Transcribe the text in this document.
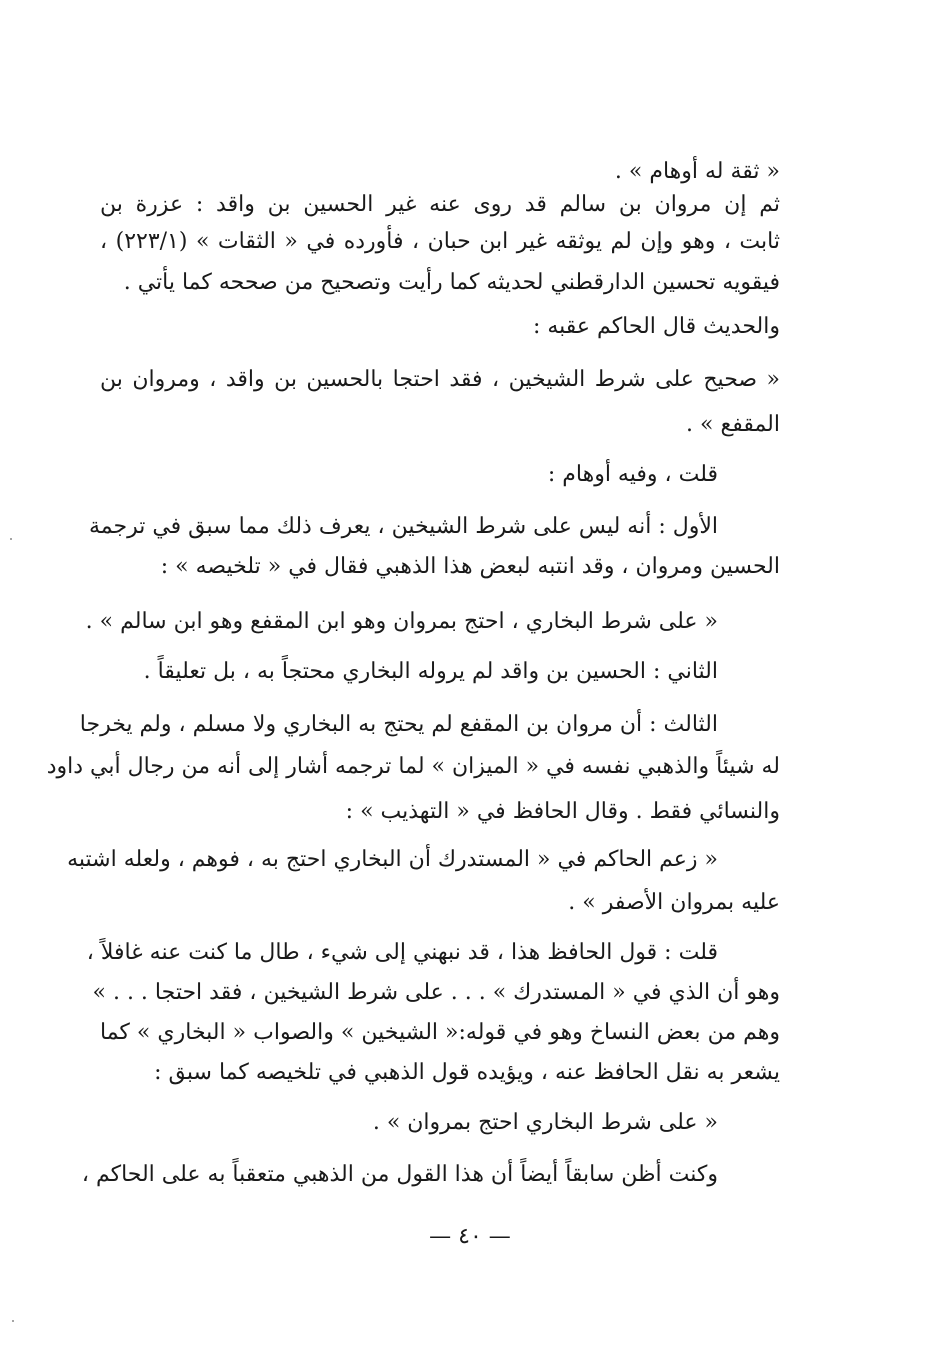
« ثقة له أوهام » .
ثم إن مروان بن سالم قد روى عنه غير الحسين بن واقد : عزرة بن
ثابت ، وهو وإن لم يوثقه غير ابن حبان ، فأورده في « الثقات » (٢٢٣/١) ،
فيقويه تحسين الدارقطني لحديثه كما رأيت وتصحيح من صححه كما يأتي .
والحديث قال الحاكم عقبه :
« صحيح على شرط الشيخين ، فقد احتجا بالحسين بن واقد ، ومروان بن
المقفع » .
قلت ، وفيه أوهام :
الأول : أنه ليس على شرط الشيخين ، يعرف ذلك مما سبق في ترجمة
الحسين ومروان ، وقد انتبه لبعض هذا الذهبي فقال في « تلخيصه » :
« على شرط البخاري ، احتج بمروان وهو ابن المقفع وهو ابن سالم » .
الثاني : الحسين بن واقد لم يروله البخاري محتجاً به ، بل تعليقاً .
الثالث : أن مروان بن المقفع لم يحتج به البخاري ولا مسلم ، ولم يخرجا
له شيئاً والذهبي نفسه في « الميزان » لما ترجمه أشار إلى أنه من رجال أبي داود
والنسائي فقط . وقال الحافظ في « التهذيب » :
« زعم الحاكم في « المستدرك أن البخاري احتج به ، فوهم ، ولعله اشتبه
عليه بمروان الأصفر » .
قلت : قول الحافظ هذا ، قد نبهني إلى شيء ، طال ما كنت عنه غافلاً ،
وهو أن الذي في « المستدرك » . . . على شرط الشيخين ، فقد احتجا . . . »
وهم من بعض النساخ وهو في قوله:« الشيخين » والصواب « البخاري » كما
يشعر به نقل الحافظ عنه ، ويؤيده قول الذهبي في تلخيصه كما سبق :
« على شرط البخاري احتج بمروان » .
وكنت أظن سابقاً أيضاً أن هذا القول من الذهبي متعقباً به على الحاكم ،
— ٤٠ —
